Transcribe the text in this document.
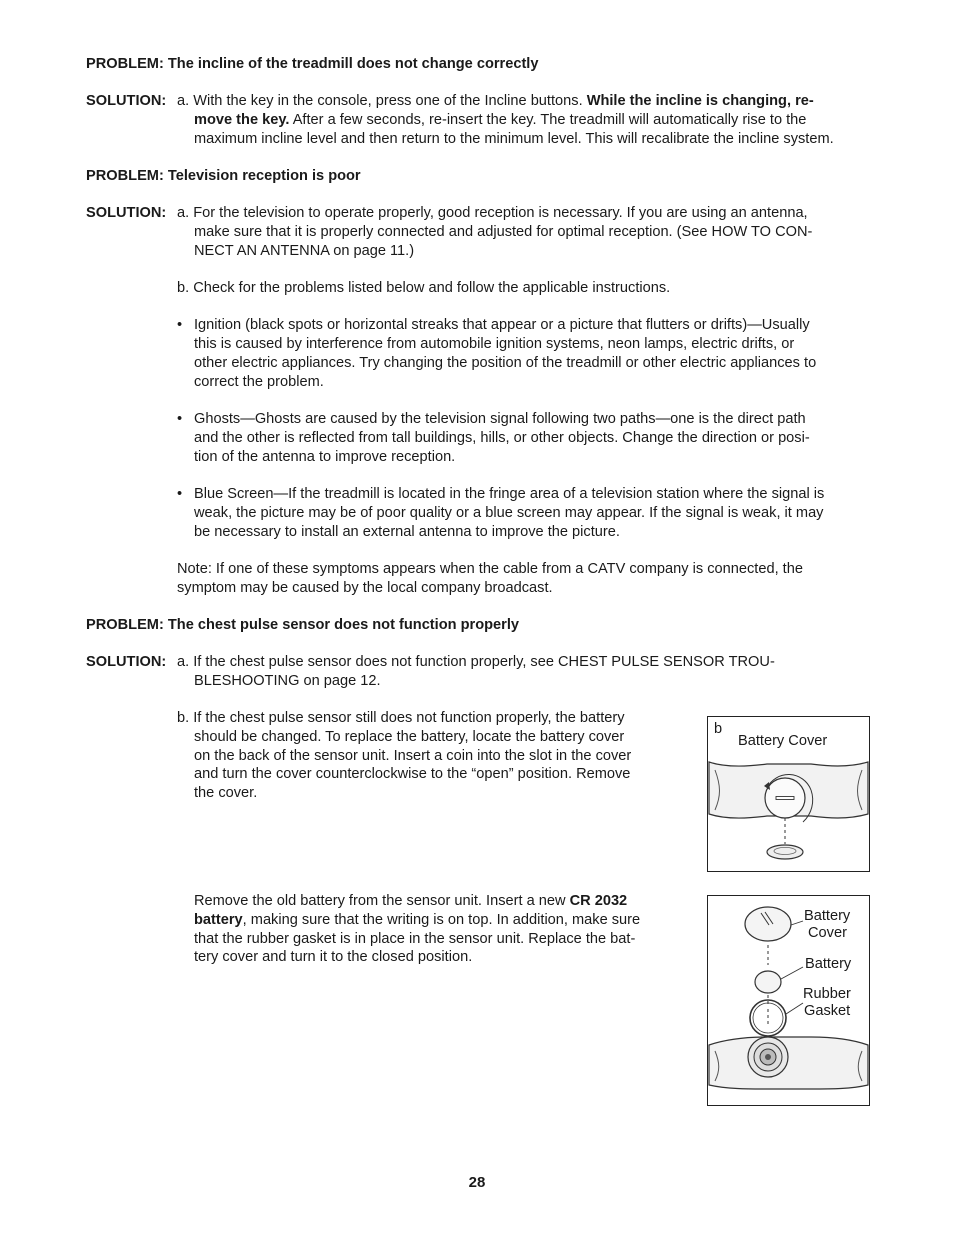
PROBLEM: The incline of the treadmill does not change correctly
SOLUTION: a. With the key in the console, press one of the Incline buttons. While the incline is changing, re-
move the key. After a few seconds, re-insert the key. The treadmill will automatically rise to the
maximum incline level and then return to the minimum level. This will recalibrate the incline system.
PROBLEM: Television reception is poor
SOLUTION: a. For the television to operate properly, good reception is necessary. If you are using an antenna,
make sure that it is properly connected and adjusted for optimal reception. (See HOW TO CON-
NECT AN ANTENNA on page 11.)
b. Check for the problems listed below and follow the applicable instructions.
• Ignition (black spots or horizontal streaks that appear or a picture that flutters or drifts)—Usually
this is caused by interference from automobile ignition systems, neon lamps, electric drifts, or
other electric appliances. Try changing the position of the treadmill or other electric appliances to
correct the problem.
• Ghosts—Ghosts are caused by the television signal following two paths—one is the direct path
and the other is reflected from tall buildings, hills, or other objects. Change the direction or posi-
tion of the antenna to improve reception.
• Blue Screen—If the treadmill is located in the fringe area of a television station where the signal is
weak, the picture may be of poor quality or a blue screen may appear. If the signal is weak, it may
be necessary to install an external antenna to improve the picture.
Note: If one of these symptoms appears when the cable from a CATV company is connected, the
symptom may be caused by the local company broadcast.
PROBLEM: The chest pulse sensor does not function properly
SOLUTION: a. If the chest pulse sensor does not function properly, see CHEST PULSE SENSOR TROU-
BLESHOOTING on page 12.
b. If the chest pulse sensor still does not function properly, the battery
should be changed. To replace the battery, locate the battery cover
on the back of the sensor unit. Insert a coin into the slot in the cover
and turn the cover counterclockwise to the “open” position. Remove
the cover.
Remove the old battery from the sensor unit. Insert a new CR 2032
battery, making sure that the writing is on top. In addition, make sure
that the rubber gasket is in place in the sensor unit. Replace the bat-
tery cover and turn it to the closed position.
b
Battery Cover
Battery
Cover
Battery
Rubber
Gasket
28
